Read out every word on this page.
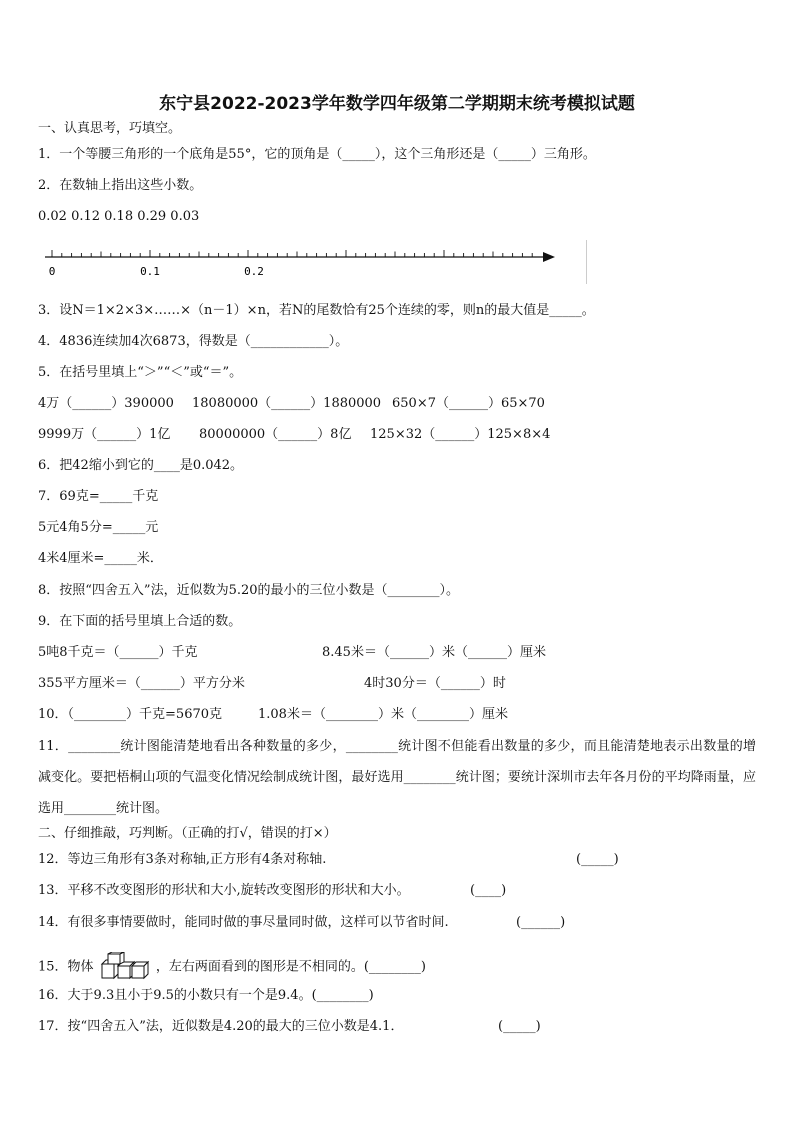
东宁县2022-2023学年数学四年级第二学期期末统考模拟试题
一、认真思考，巧填空。
1．一个等腰三角形的一个底角是55°，它的顶角是（_____），这个三角形还是（_____）三角形。
2．在数轴上指出这些小数。
0.02 0.12 0.18 0.29 0.03
0	0.1	0.2
3．设N＝1×2×3×……×（n－1）×n，若N的尾数恰有25个连续的零，则n的最大值是_____。
4．4836连续加4次6873，得数是（____________）。
5．在括号里填上“＞”“＜”或“＝”。
4万（______）390000 18080000（______）1880000 650×7（______）65×70
9999万（______）1亿 80000000（______）8亿 125×32（______）125×8×4
6．把42缩小到它的____是0.042。
7．69克=_____千克
5元4角5分=_____元
4米4厘米=_____米．
8．按照“四舍五入”法，近似数为5.20的最小的三位小数是（________）。
9．在下面的括号里填上合适的数。
5吨8千克＝（______）千克	8.45米＝（______）米（______）厘米
355平方厘米＝（______）平方分米	4时30分＝（______）时
10．（________）千克=5670克	1.08米＝（________）米（________）厘米
11．________统计图能清楚地看出各种数量的多少，________统计图不但能看出数量的多少，而且能清楚地表示出数量的增减变化。要把梧桐山项的气温变化情况绘制成统计图，最好选用________统计图；要统计深圳市去年各月份的平均降雨量，应选用________统计图。
二、仔细推敲，巧判断。（正确的打√，错误的打×）
12．等边三角形有3条对称轴,正方形有4条对称轴.	(_____)
13．平移不改变图形的形状和大小,旋转改变图形的形状和大小。	(____)
14．有很多事情要做时，能同时做的事尽量同时做，这样可以节省时间.	(______)
15．物体	，左右两面看到的图形是不相同的。(________)
16．大于9.3且小于9.5的小数只有一个是9.4。(________)
17．按“四舍五入”法，近似数是4.20的最大的三位小数是4.1．	(_____)
